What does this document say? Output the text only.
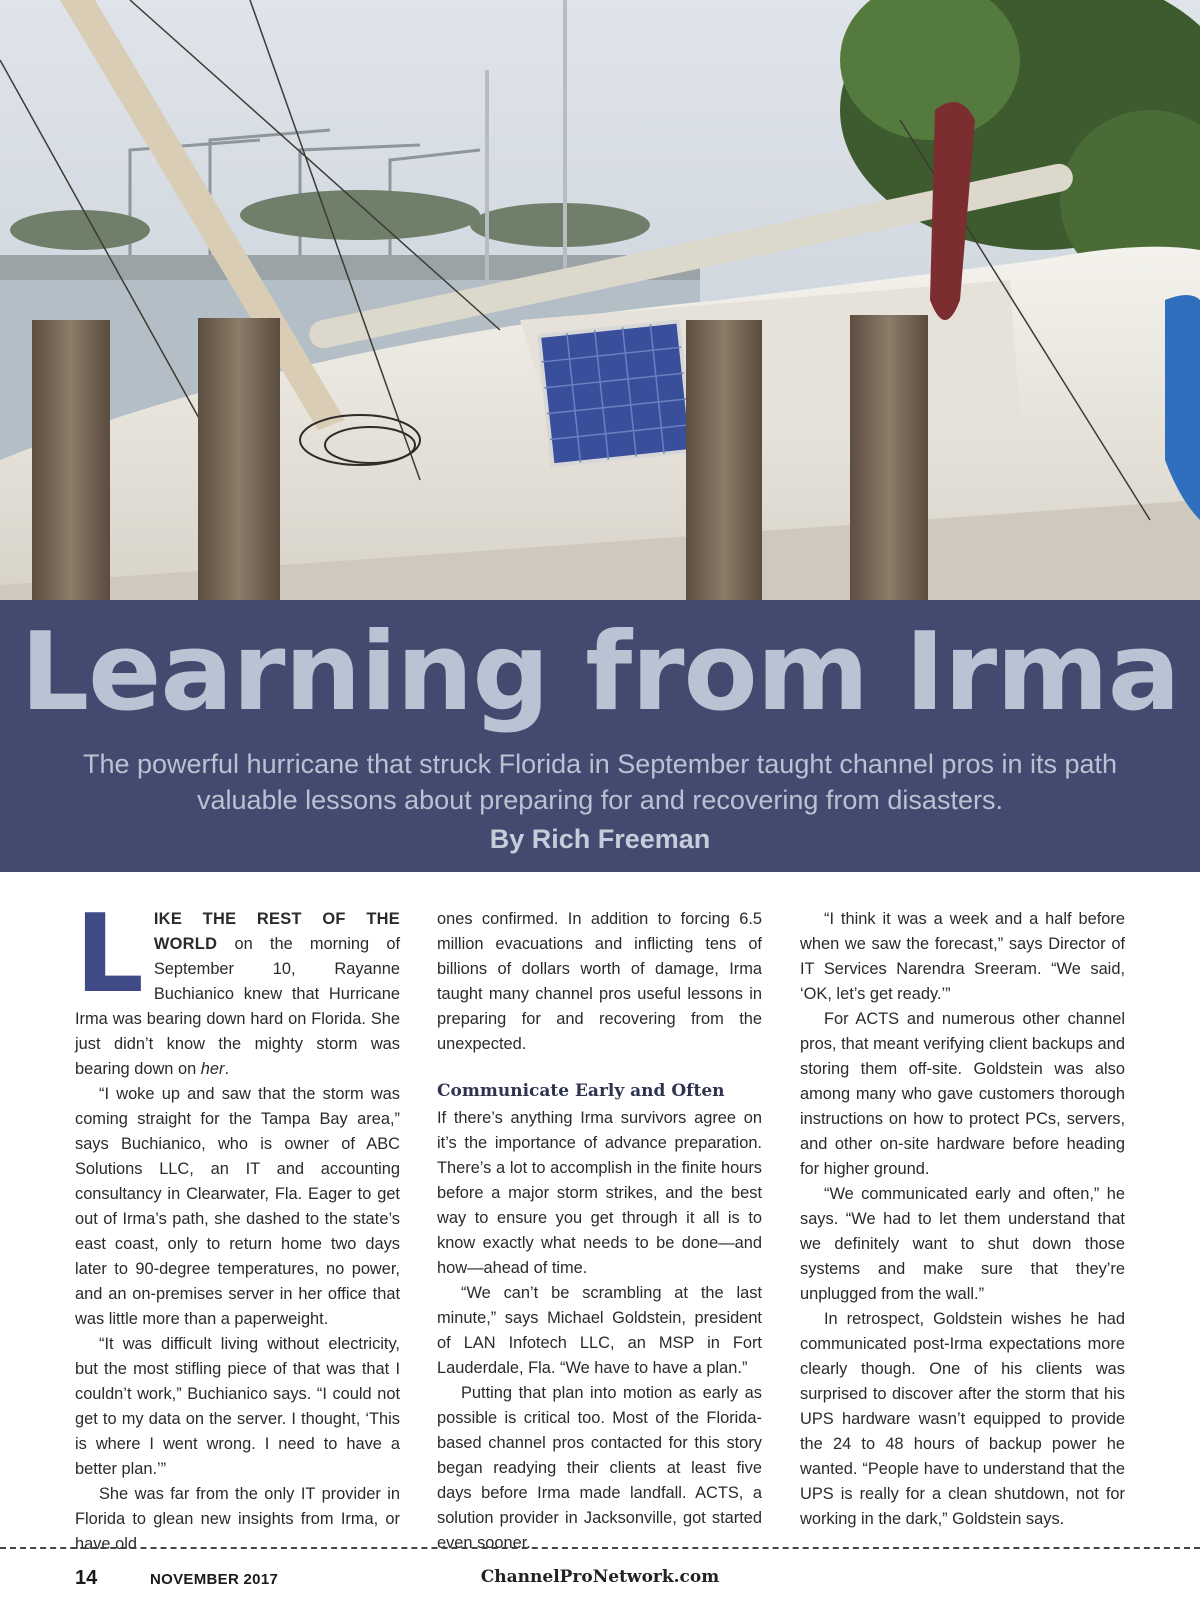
Learning from Irma

The powerful hurricane that struck Florida in September taught channel pros in its path valuable lessons about preparing for and recovering from disasters.

By Rich Freeman

LIKE THE REST OF THE WORLD on the morning of September 10, Rayanne Buchianico knew that Hurricane Irma was bearing down hard on Florida. She just didn’t know the mighty storm was bearing down on her.

“I woke up and saw that the storm was coming straight for the Tampa Bay area,” says Buchianico, who is owner of ABC Solutions LLC, an IT and accounting consultancy in Clearwater, Fla. Eager to get out of Irma’s path, she dashed to the state’s east coast, only to return home two days later to 90-degree temperatures, no power, and an on-premises server in her office that was little more than a paperweight.

“It was difficult living without electricity, but the most stifling piece of that was that I couldn’t work,” Buchianico says. “I could not get to my data on the server. I thought, ‘This is where I went wrong. I need to have a better plan.’”

She was far from the only IT provider in Florida to glean new insights from Irma, or have old

ones confirmed. In addition to forcing 6.5 million evacuations and inflicting tens of billions of dollars worth of damage, Irma taught many channel pros useful lessons in preparing for and recovering from the unexpected.

Communicate Early and Often

If there’s anything Irma survivors agree on it’s the importance of advance preparation. There’s a lot to accomplish in the finite hours before a major storm strikes, and the best way to ensure you get through it all is to know exactly what needs to be done—and how—ahead of time.

“We can’t be scrambling at the last minute,” says Michael Goldstein, president of LAN Infotech LLC, an MSP in Fort Lauderdale, Fla. “We have to have a plan.”

Putting that plan into motion as early as possible is critical too. Most of the Florida-based channel pros contacted for this story began readying their clients at least five days before Irma made landfall. ACTS, a solution provider in Jacksonville, got started even sooner.

“I think it was a week and a half before when we saw the forecast,” says Director of IT Services Narendra Sreeram. “We said, ‘OK, let’s get ready.’”

For ACTS and numerous other channel pros, that meant verifying client backups and storing them off-site. Goldstein was also among many who gave customers thorough instructions on how to protect PCs, servers, and other on-site hardware before heading for higher ground.

“We communicated early and often,” he says. “We had to let them understand that we definitely want to shut down those systems and make sure that they’re unplugged from the wall.”

In retrospect, Goldstein wishes he had communicated post-Irma expectations more clearly though. One of his clients was surprised to discover after the storm that his UPS hardware wasn’t equipped to provide the 24 to 48 hours of backup power he wanted. “People have to understand that the UPS is really for a clean shutdown, not for working in the dark,” Goldstein says.

14	NOVEMBER 2017	ChannelProNetwork.com
